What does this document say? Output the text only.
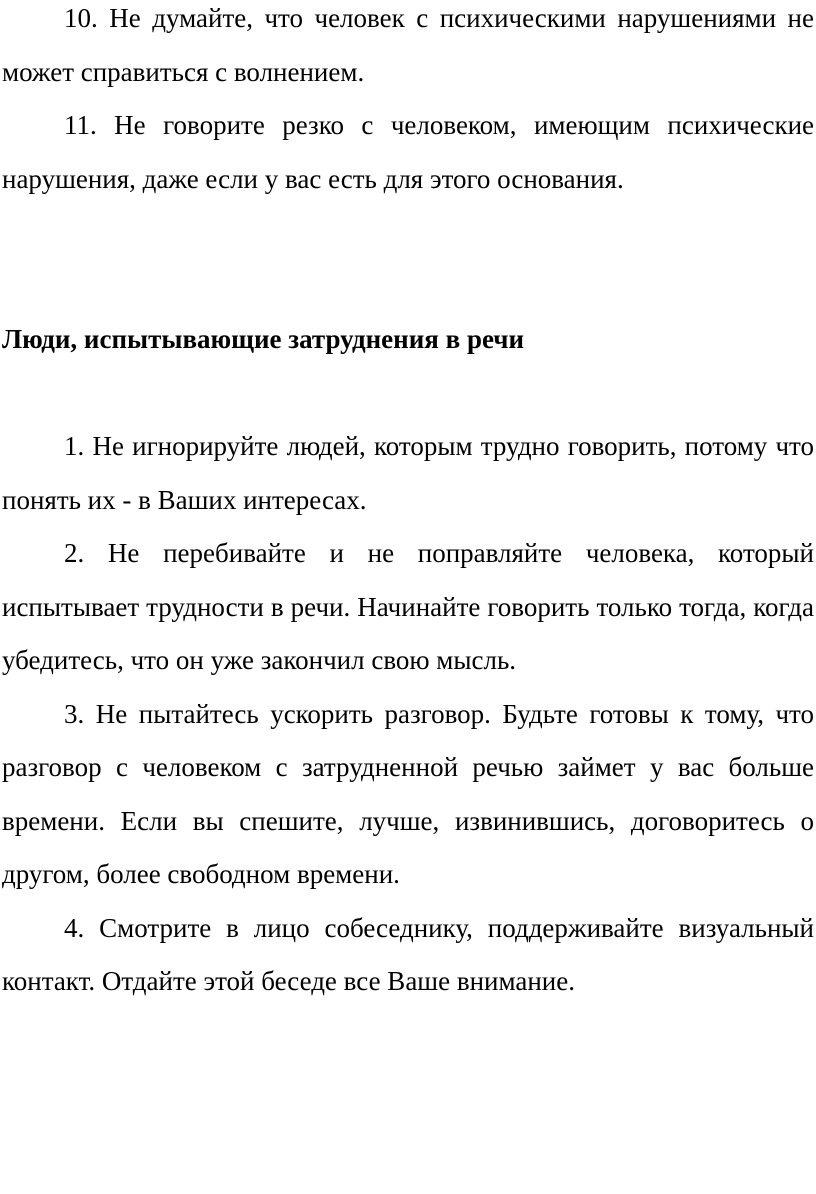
10. Не думайте, что человек с психическими нарушениями не может справиться с волнением.

11. Не говорите резко с человеком, имеющим психические нарушения, даже если у вас есть для этого основания.

Люди, испытывающие затруднения в речи

1. Не игнорируйте людей, которым трудно говорить, потому что понять их - в Ваших интересах.

2. Не перебивайте и не поправляйте человека, который испытывает трудности в речи. Начинайте говорить только тогда, когда убедитесь, что он уже закончил свою мысль.

3. Не пытайтесь ускорить разговор. Будьте готовы к тому, что разговор с человеком с затрудненной речью займет у вас больше времени. Если вы спешите, лучше, извинившись, договоритесь о другом, более свободном времени.

4. Смотрите в лицо собеседнику, поддерживайте визуальный контакт. Отдайте этой беседе все Ваше внимание.
